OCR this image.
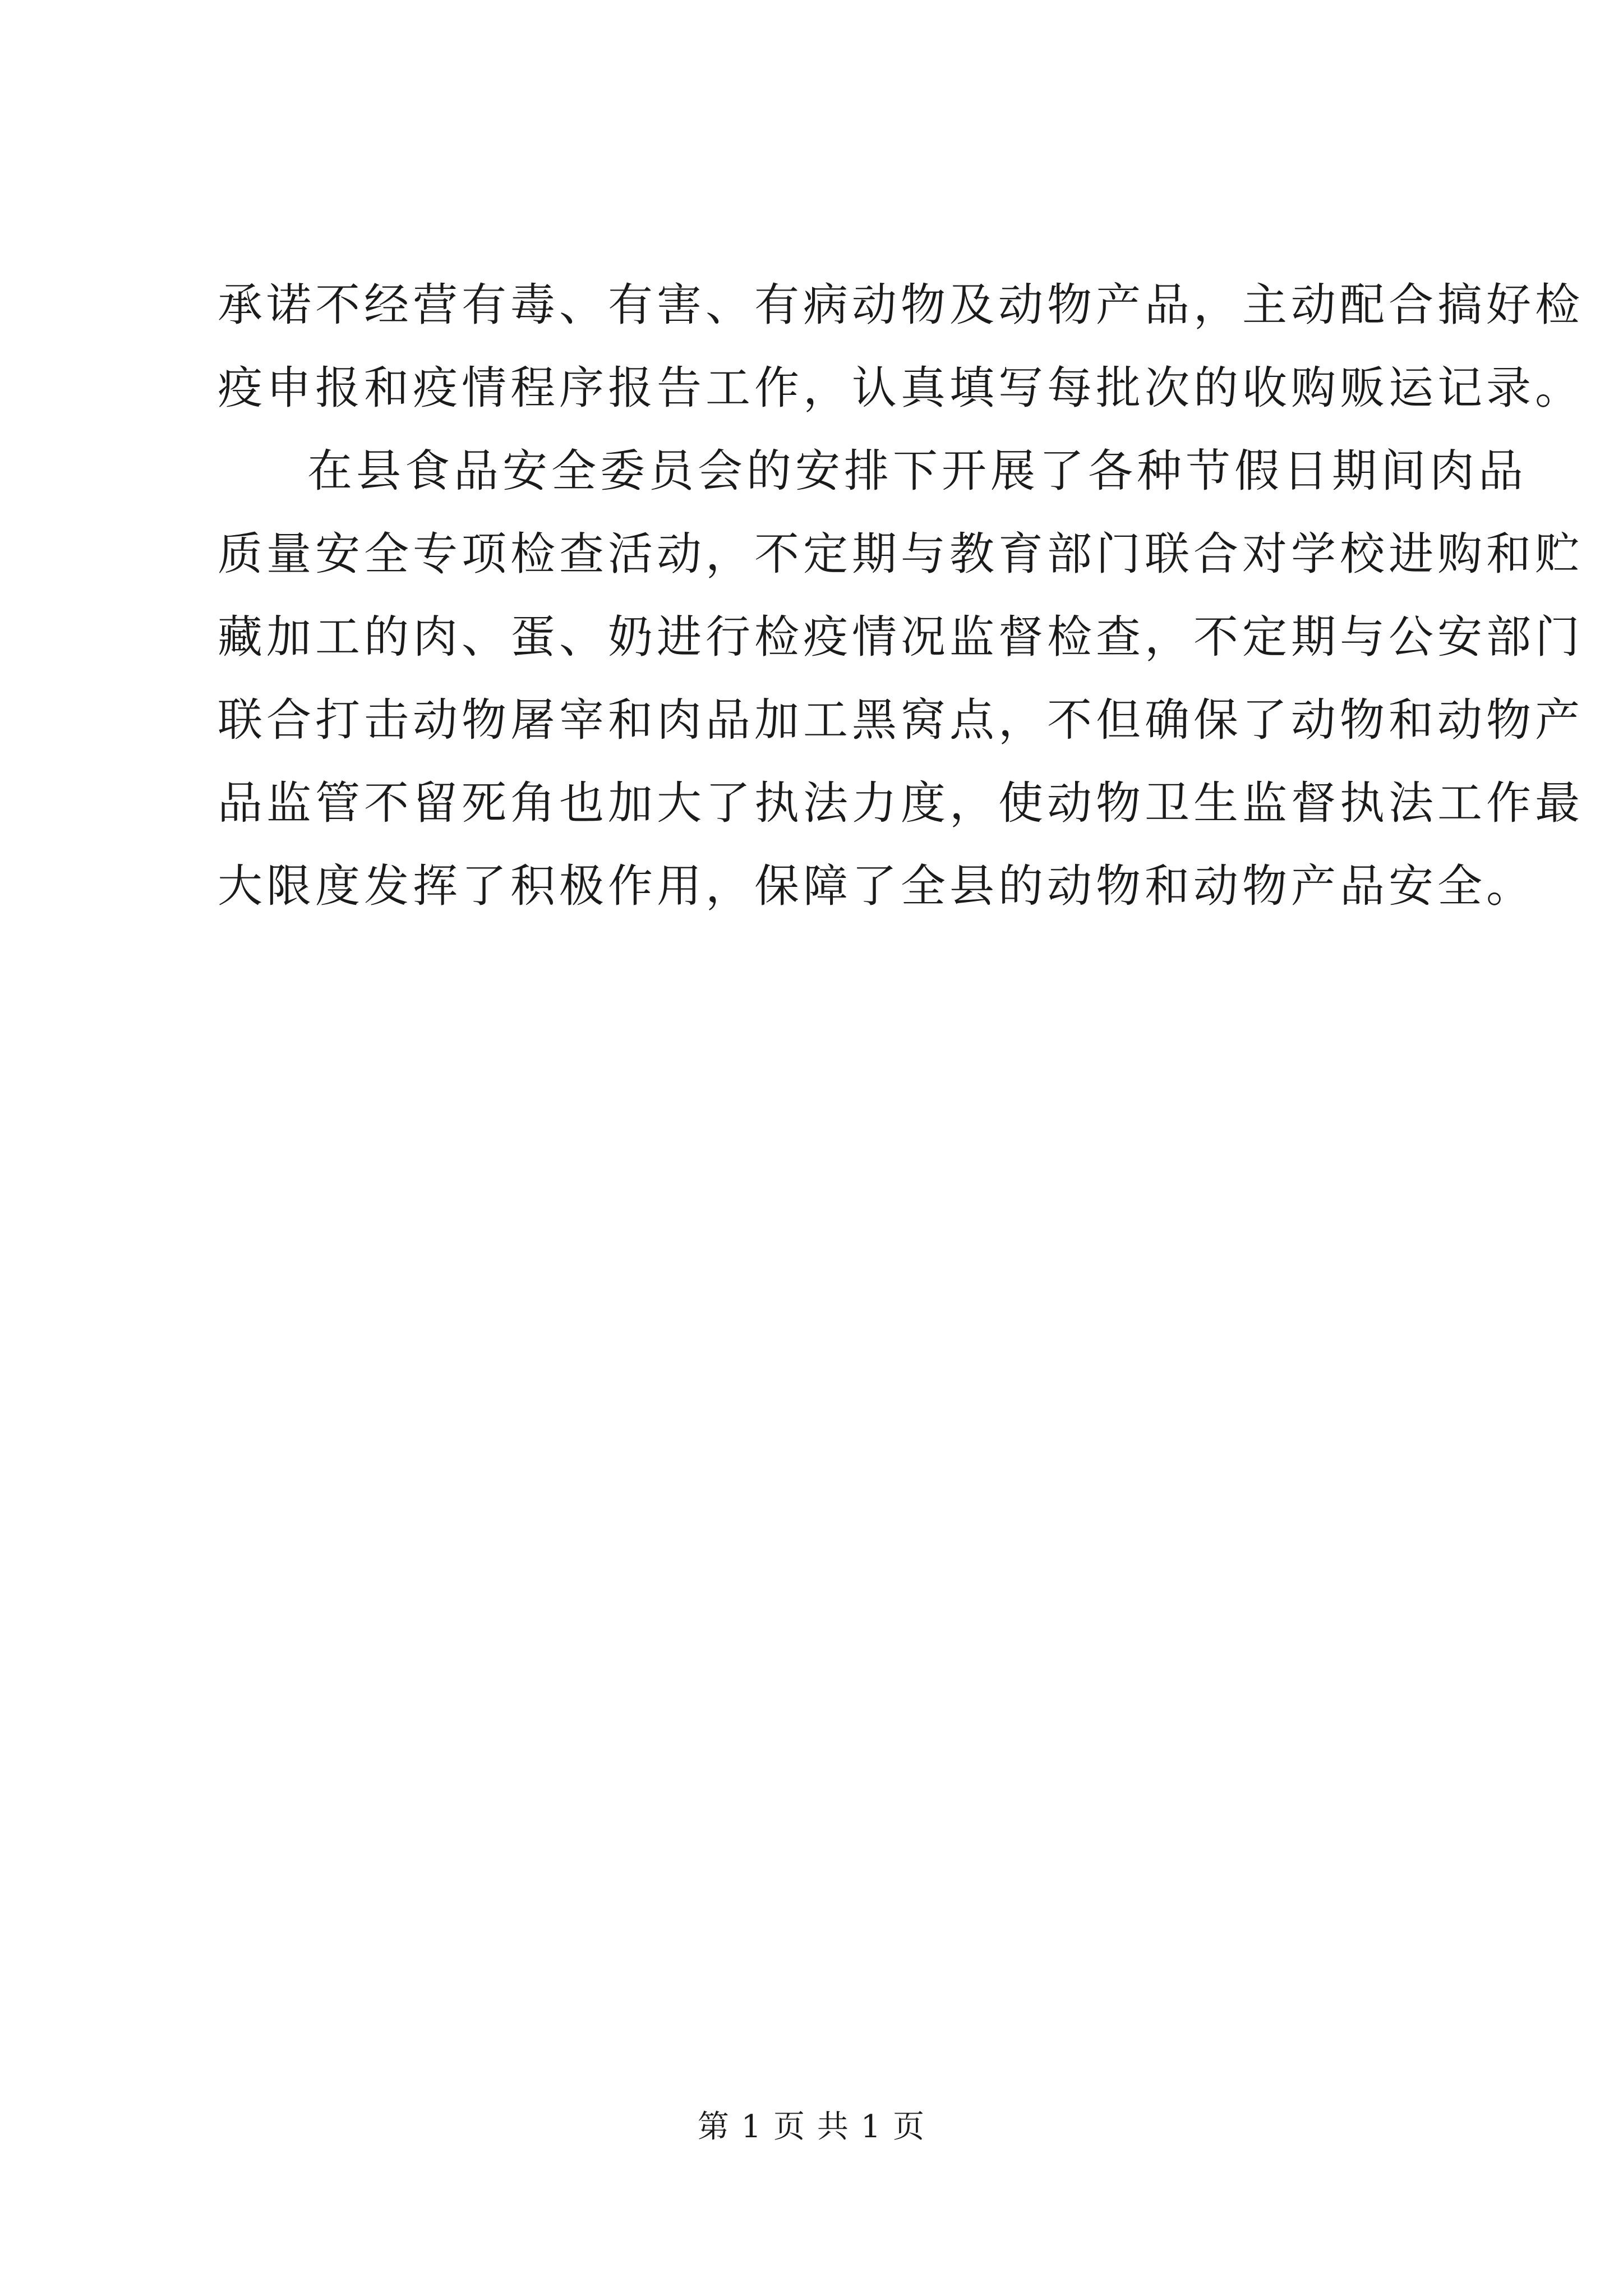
承诺不经营有毒、有害、有病动物及动物产品，主动配合搞好检
疫申报和疫情程序报告工作，认真填写每批次的收购贩运记录。
在县食品安全委员会的安排下开展了各种节假日期间肉品
质量安全专项检查活动，不定期与教育部门联合对学校进购和贮
藏加工的肉、蛋、奶进行检疫情况监督检查，不定期与公安部门
联合打击动物屠宰和肉品加工黑窝点，不但确保了动物和动物产
品监管不留死角也加大了执法力度，使动物卫生监督执法工作最
大限度发挥了积极作用，保障了全县的动物和动物产品安全。
第 1 页 共 1 页
